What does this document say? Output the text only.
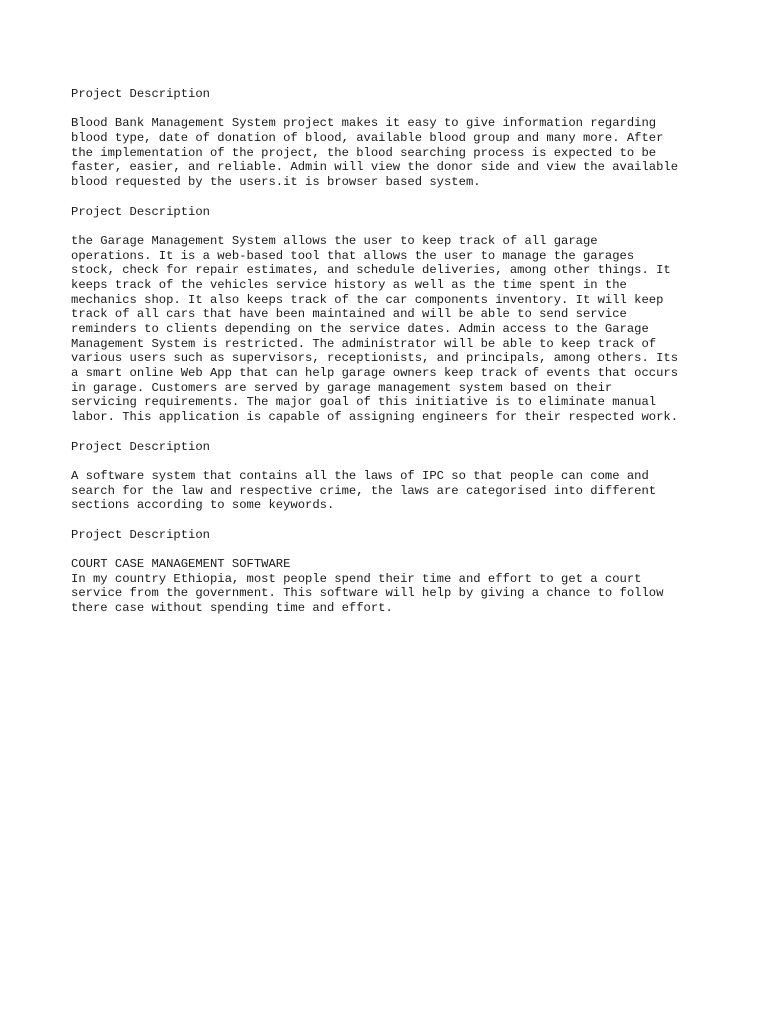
Project Description
Blood Bank Management System project makes it easy to give information regarding
blood type, date of donation of blood, available blood group and many more. After
the implementation of the project, the blood searching process is expected to be
faster, easier, and reliable. Admin will view the donor side and view the available
blood requested by the users.it is browser based system.
Project Description
the Garage Management System allows the user to keep track of all garage
operations. It is a web-based tool that allows the user to manage the garages
stock, check for repair estimates, and schedule deliveries, among other things. It
keeps track of the vehicles service history as well as the time spent in the
mechanics shop. It also keeps track of the car components inventory. It will keep
track of all cars that have been maintained and will be able to send service
reminders to clients depending on the service dates. Admin access to the Garage
Management System is restricted. The administrator will be able to keep track of
various users such as supervisors, receptionists, and principals, among others. Its
a smart online Web App that can help garage owners keep track of events that occurs
in garage. Customers are served by garage management system based on their
servicing requirements. The major goal of this initiative is to eliminate manual
labor. This application is capable of assigning engineers for their respected work.
Project Description
A software system that contains all the laws of IPC so that people can come and
search for the law and respective crime, the laws are categorised into different
sections according to some keywords.
Project Description
COURT CASE MANAGEMENT SOFTWARE
In my country Ethiopia, most people spend their time and effort to get a court
service from the government. This software will help by giving a chance to follow
there case without spending time and effort.
